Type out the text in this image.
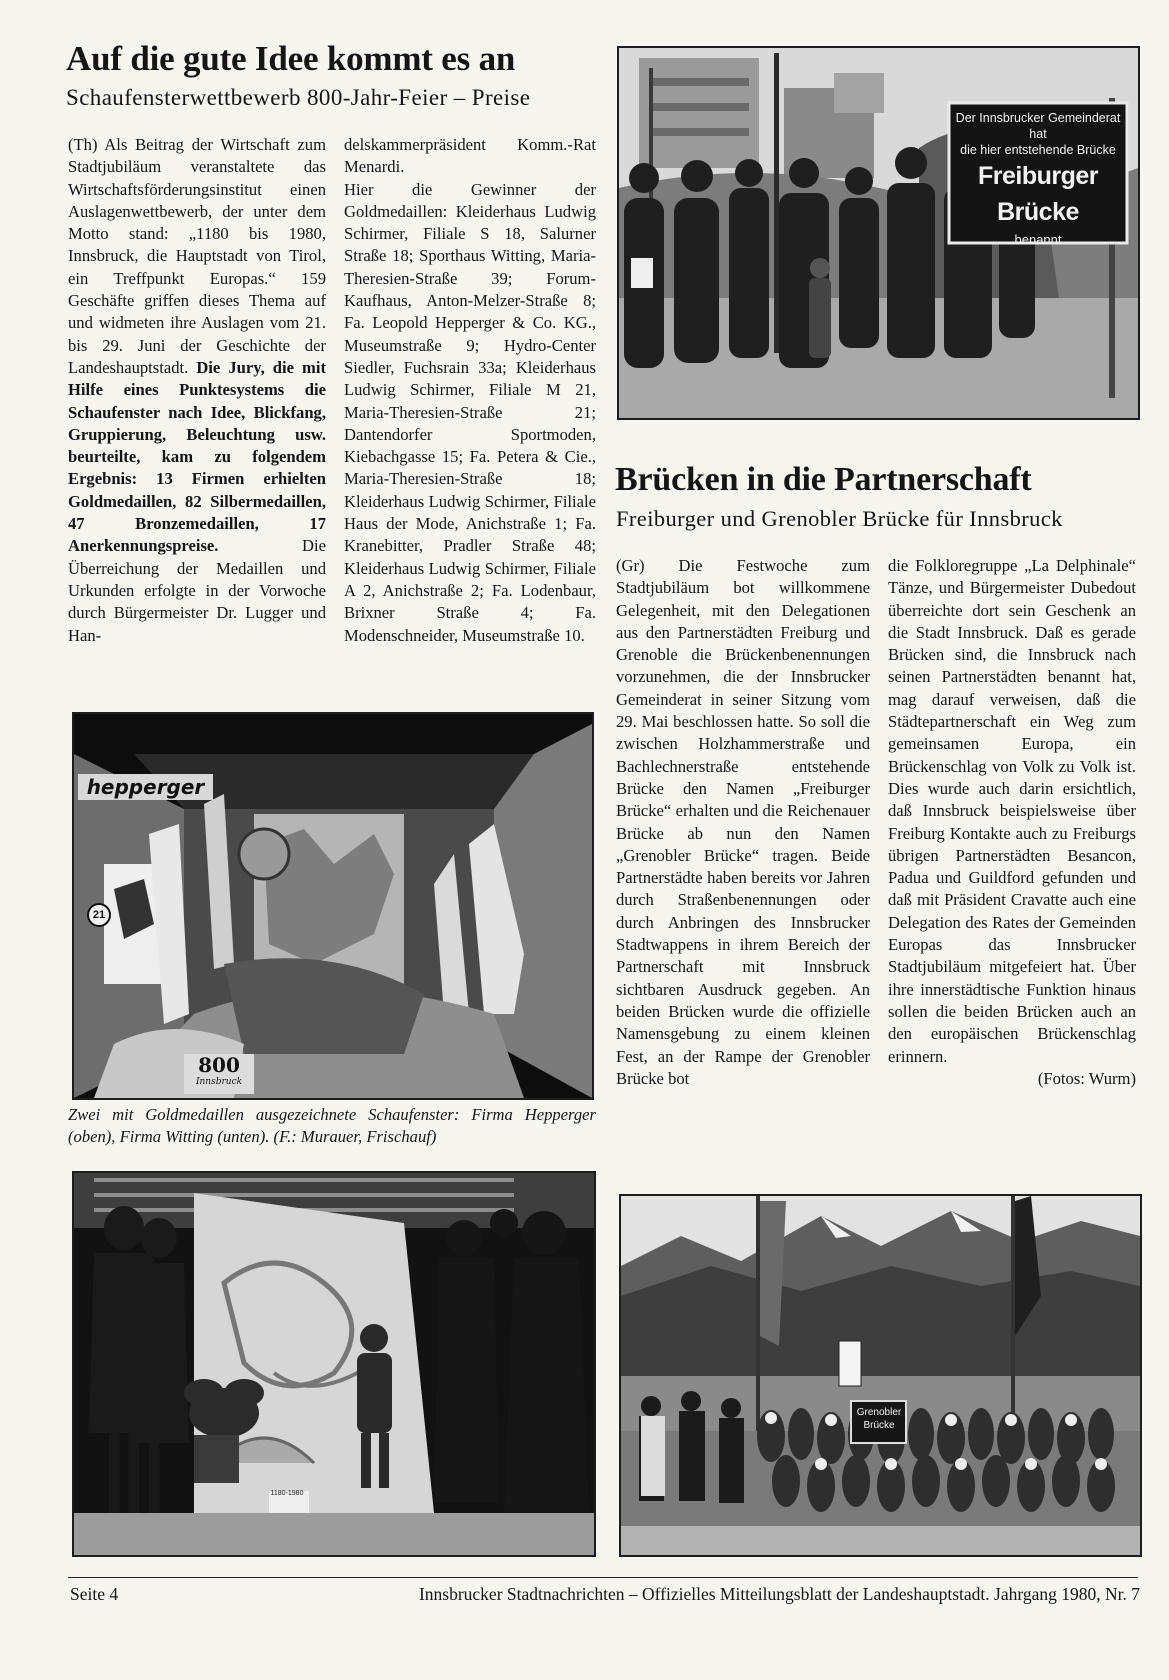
Auf die gute Idee kommt es an
Schaufensterwettbewerb 800-Jahr-Feier – Preise

(Th) Als Beitrag der Wirtschaft zum Stadtjubiläum veranstaltete das Wirtschaftsförderungsinstitut einen Auslagenwettbewerb, der unter dem Motto stand: „1180 bis 1980, Innsbruck, die Hauptstadt von Tirol, ein Treffpunkt Europas.“ 159 Geschäfte griffen dieses Thema auf und widmeten ihre Auslagen vom 21. bis 29. Juni der Geschichte der Landeshauptstadt. Die Jury, die mit Hilfe eines Punktesystems die Schaufenster nach Idee, Blickfang, Gruppierung, Beleuchtung usw. beurteilte, kam zu folgendem Ergebnis: 13 Firmen erhielten Goldmedaillen, 82 Silbermedaillen, 47 Bronzemedaillen, 17 Anerkennungspreise. Die Überreichung der Medaillen und Urkunden erfolgte in der Vorwoche durch Bürgermeister Dr. Lugger und Han-

delskammerpräsident Komm.-Rat Menardi.

Hier die Gewinner der Goldmedaillen: Kleiderhaus Ludwig Schirmer, Filiale S 18, Salurner Straße 18; Sporthaus Witting, Maria-Theresien-Straße 39; Forum-Kaufhaus, Anton-Melzer-Straße 8; Fa. Leopold Hepperger & Co. KG., Museumstraße 9; Hydro-Center Siedler, Fuchsrain 33a; Kleiderhaus Ludwig Schirmer, Filiale M 21, Maria-Theresien-Straße 21; Dantendorfer Sportmoden, Kiebachgasse 15; Fa. Petera & Cie., Maria-Theresien-Straße 18; Kleiderhaus Ludwig Schirmer, Filiale Haus der Mode, Anichstraße 1; Fa. Kranebitter, Pradler Straße 48; Kleiderhaus Ludwig Schirmer, Filiale A 2, Anichstraße 2; Fa. Lodenbaur, Brixner Straße 4; Fa. Modenschneider, Museumstraße 10.

Der Innsbrucker Gemeinderat hat
die hier entstehende Brücke
Freiburger Brücke
benannt
Brücken in die Partnerschaft
Freiburger und Grenobler Brücke für Innsbruck

(Gr) Die Festwoche zum Stadtjubiläum bot willkommene Gelegenheit, mit den Delegationen aus den Partnerstädten Freiburg und Grenoble die Brückenbenennungen vorzunehmen, die der Innsbrucker Gemeinderat in seiner Sitzung vom 29. Mai beschlossen hatte. So soll die zwischen Holzhammerstraße und Bachlechnerstraße entstehende Brücke den Namen „Freiburger Brücke“ erhalten und die Reichenauer Brücke ab nun den Namen „Grenobler Brücke“ tragen. Beide Partnerstädte haben bereits vor Jahren durch Straßenbenennungen oder durch Anbringen des Innsbrucker Stadtwappens in ihrem Bereich der Partnerschaft mit Innsbruck sichtbaren Ausdruck gegeben. An beiden Brücken wurde die offizielle Namensgebung zu einem kleinen Fest, an der Rampe der Grenobler Brücke bot

die Folkloregruppe „La Delphinale“ Tänze, und Bürgermeister Dubedout überreichte dort sein Geschenk an die Stadt Innsbruck. Daß es gerade Brücken sind, die Innsbruck nach seinen Partnerstädten benannt hat, mag darauf verweisen, daß die Städtepartnerschaft ein Weg zum gemeinsamen Europa, ein Brückenschlag von Volk zu Volk ist. Dies wurde auch darin ersichtlich, daß Innsbruck beispielsweise über Freiburg Kontakte auch zu Freiburgs übrigen Partnerstädten Besancon, Padua und Guildford gefunden und daß mit Präsident Cravatte auch eine Delegation des Rates der Gemeinden Europas das Innsbrucker Stadtjubiläum mitgefeiert hat. Über ihre innerstädtische Funktion hinaus sollen die beiden Brücken auch an den europäischen Brückenschlag erinnern.

(Fotos: Wurm)

hepperger
21
800
Innsbruck
Zwei mit Goldmedaillen ausgezeichnete Schaufenster: Firma Hepperger (oben), Firma Witting (unten). (F.: Murauer, Frischauf)
1180-1980
Grenobler
Brücke
Seite 4	Innsbrucker Stadtnachrichten – Offizielles Mitteilungsblatt der Landeshauptstadt. Jahrgang 1980, Nr. 7
